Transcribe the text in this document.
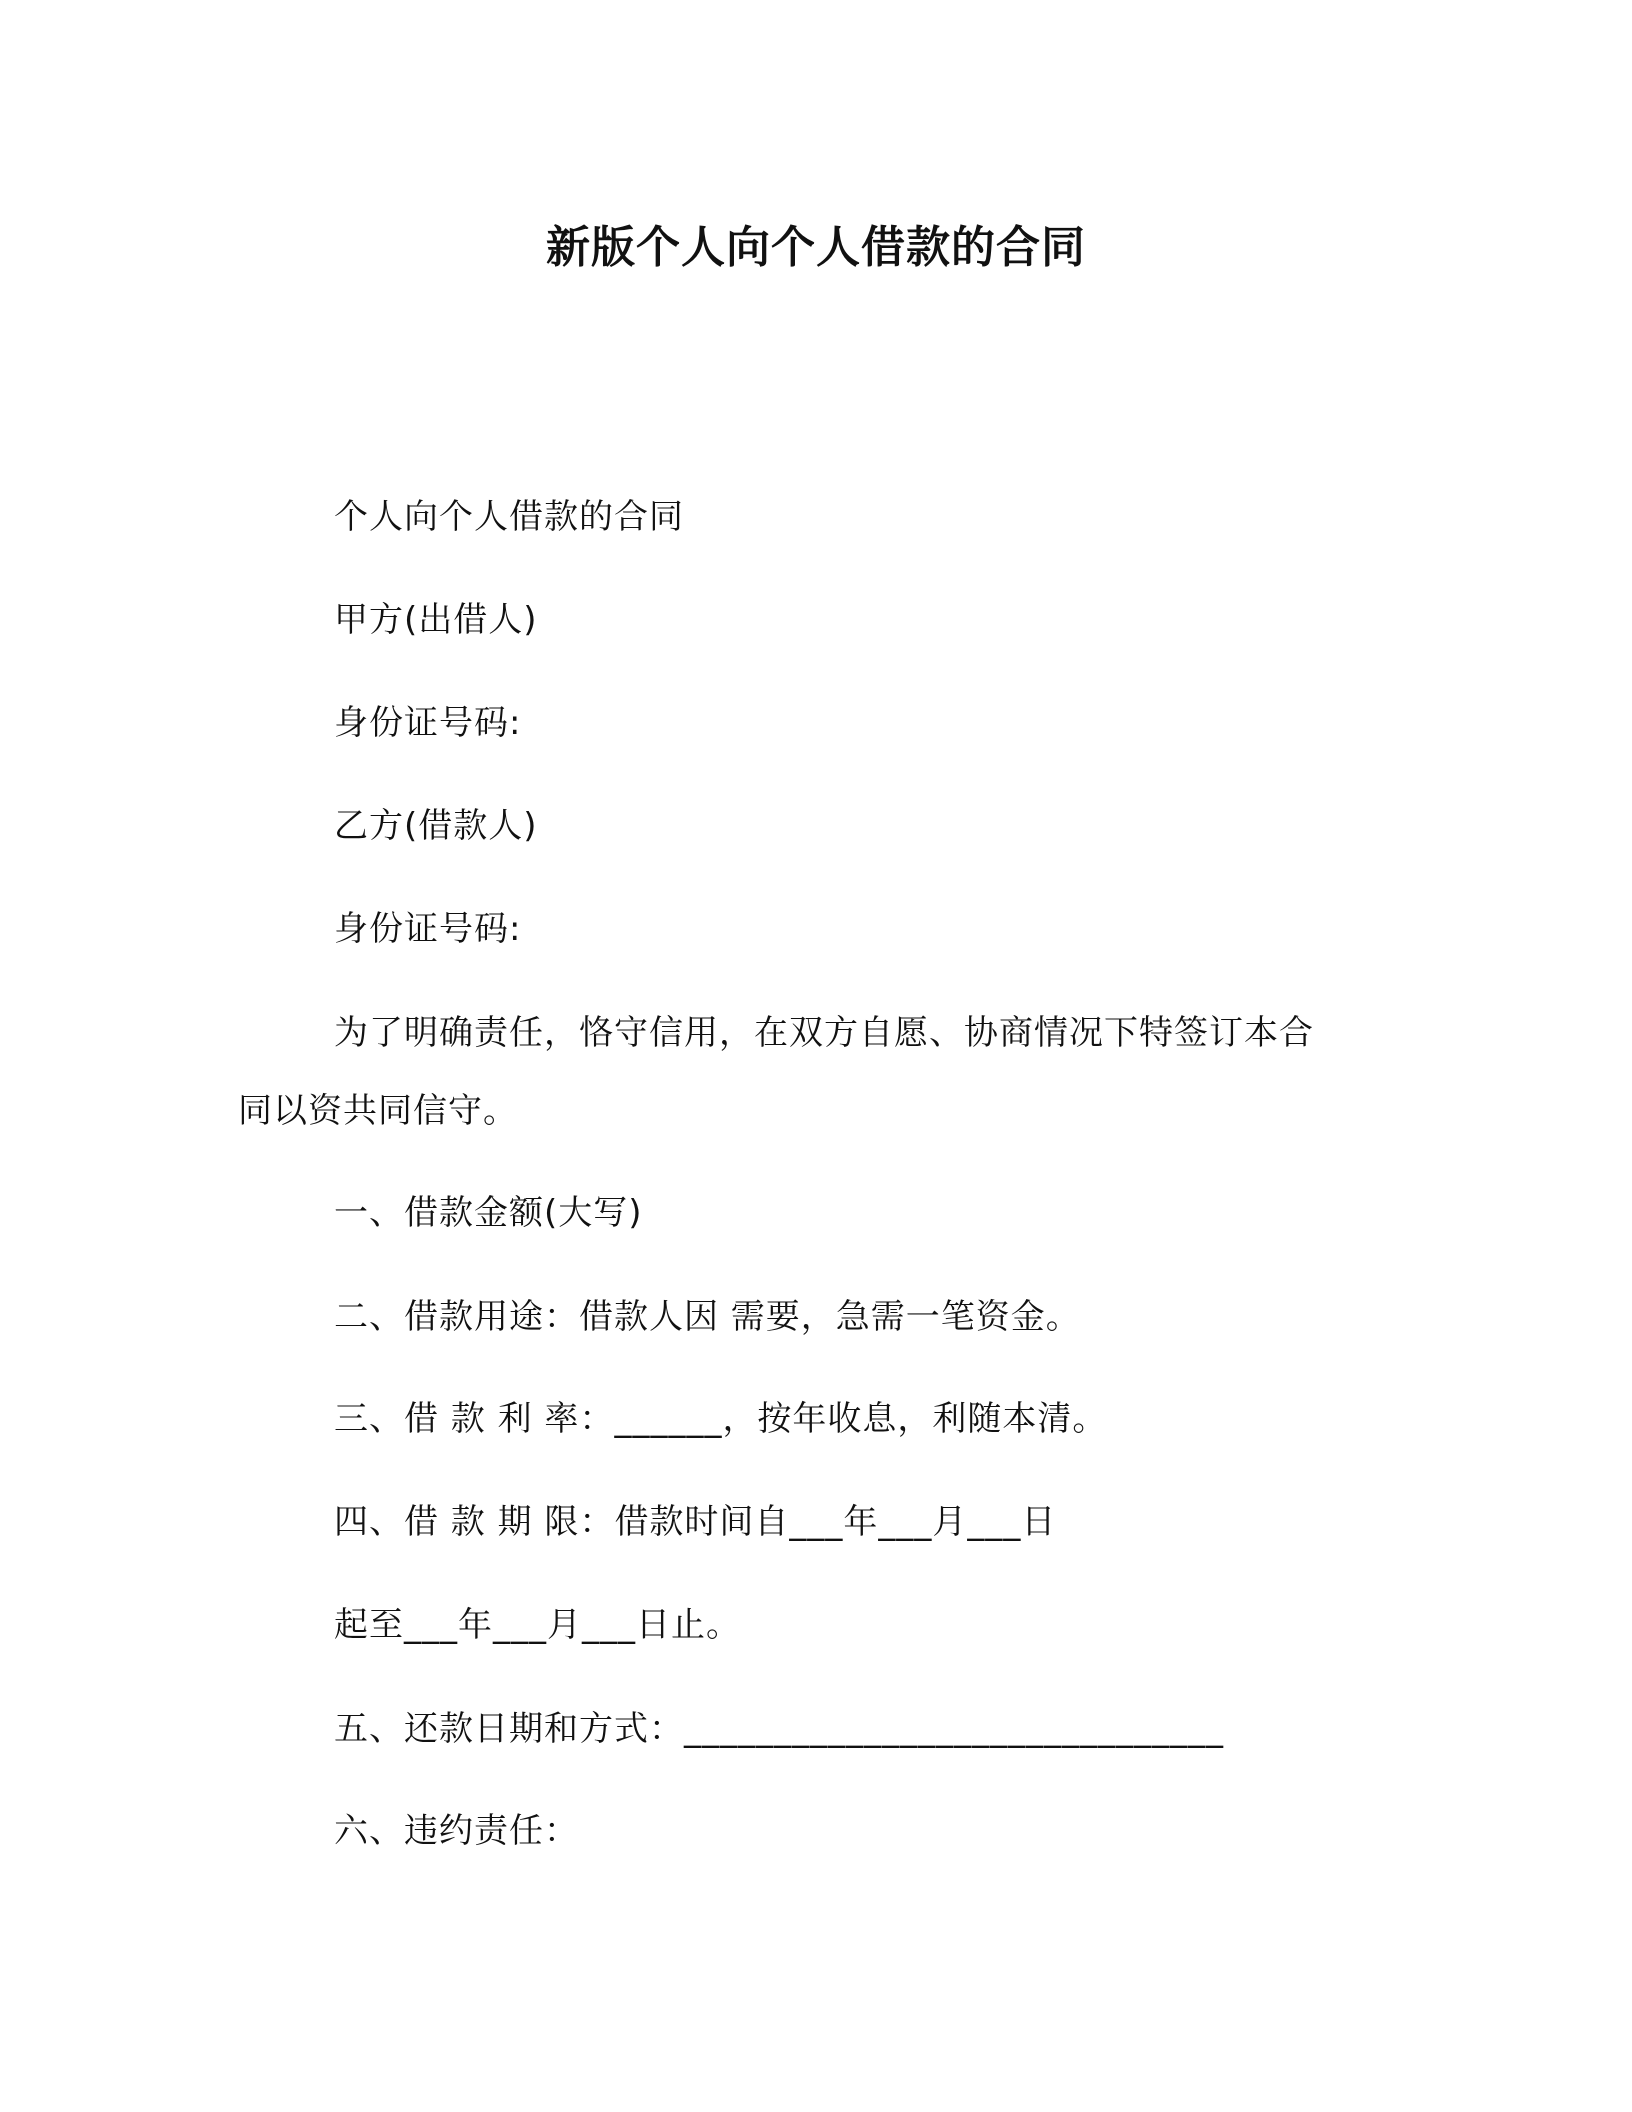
新版个人向个人借款的合同
个人向个人借款的合同
甲方(出借人)
身份证号码:
乙方(借款人)
身份证号码:
为了明确责任，恪守信用，在双方自愿、协商情况下特签订本合
同以资共同信守。
一、借款金额(大写)
二、借款用途：借款人因 需要，急需一笔资金。
三、借 款 利 率：______，按年收息，利随本清。
四、借 款 期 限：借款时间自___年___月___日
起至___年___月___日止。
五、还款日期和方式：______________________________
六、违约责任：
